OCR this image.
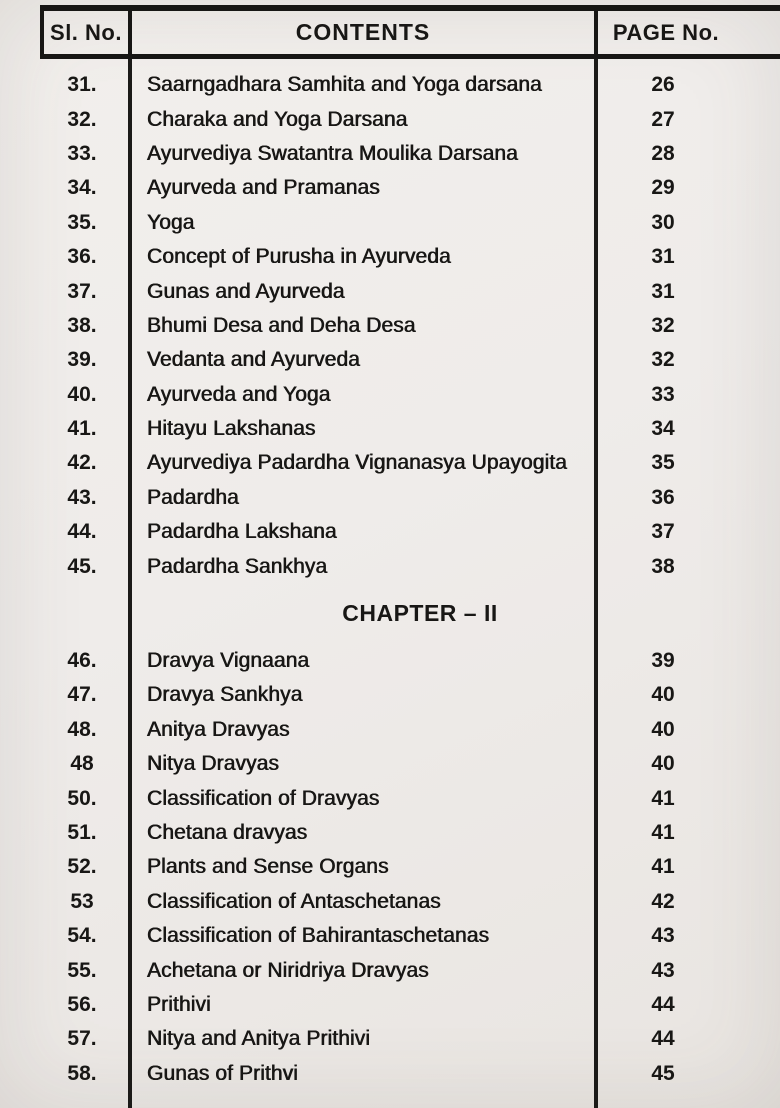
Sl. No.	CONTENTS	PAGE No.
31.	Saarngadhara Samhita and Yoga darsana	26
32.	Charaka and Yoga Darsana	27
33.	Ayurvediya Swatantra Moulika Darsana	28
34.	Ayurveda and Pramanas	29
35.	Yoga	30
36.	Concept of Purusha in Ayurveda	31
37.	Gunas and Ayurveda	31
38.	Bhumi Desa and Deha Desa	32
39.	Vedanta and Ayurveda	32
40.	Ayurveda and Yoga	33
41.	Hitayu Lakshanas	34
42.	Ayurvediya Padardha Vignanasya Upayogita	35
43.	Padardha	36
44.	Padardha Lakshana	37
45.	Padardha Sankhya	38
CHAPTER – II
46.	Dravya Vignaana	39
47.	Dravya Sankhya	40
48.	Anitya Dravyas	40
48	Nitya Dravyas	40
50.	Classification of Dravyas	41
51.	Chetana dravyas	41
52.	Plants and Sense Organs	41
53	Classification of Antaschetanas	42
54.	Classification of Bahirantaschetanas	43
55.	Achetana or Niridriya Dravyas	43
56.	Prithivi	44
57.	Nitya and Anitya Prithivi	44
58.	Gunas of Prithvi	45
